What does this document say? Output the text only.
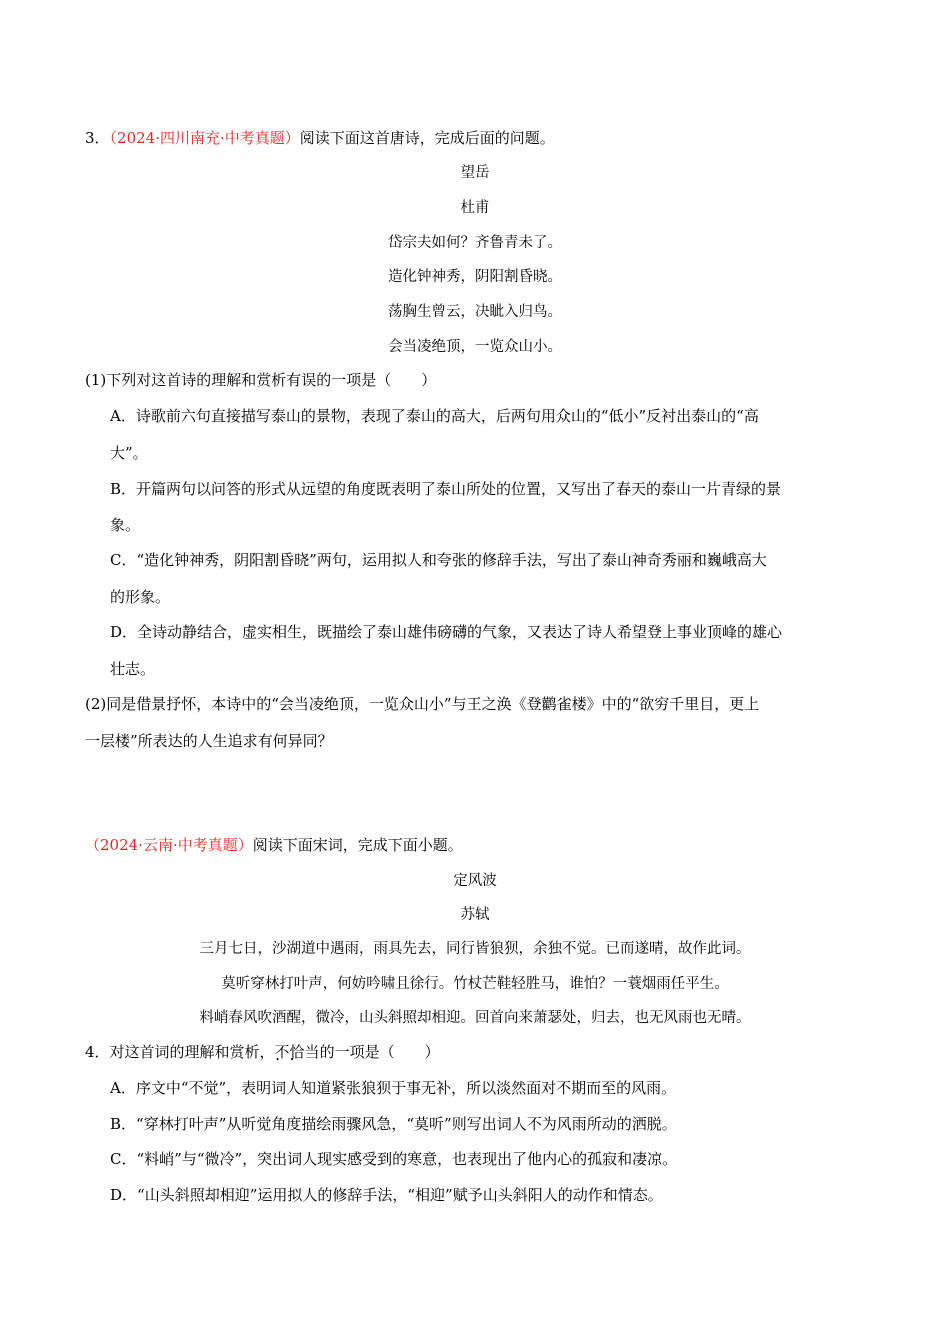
3．（2024·四川南充·中考真题）阅读下面这首唐诗，完成后面的问题。
望岳
杜甫
岱宗夫如何？齐鲁青未了。
造化钟神秀，阴阳割昏晓。
荡胸生曾云，决眦入归鸟。
会当凌绝顶，一览众山小。
(1)下列对这首诗的理解和赏析有误的一项是（　　）
A．诗歌前六句直接描写泰山的景物，表现了泰山的高大，后两句用众山的“低小”反衬出泰山的“高
大”。
B．开篇两句以问答的形式从远望的角度既表明了泰山所处的位置，又写出了春天的泰山一片青绿的景
象。
C．“造化钟神秀，阴阳割昏晓”两句，运用拟人和夸张的修辞手法，写出了泰山神奇秀丽和巍峨高大
的形象。
D．全诗动静结合，虚实相生，既描绘了泰山雄伟磅礴的气象，又表达了诗人希望登上事业顶峰的雄心
壮志。
(2)同是借景抒怀，本诗中的“会当凌绝顶，一览众山小”与王之涣《登鹳雀楼》中的“欲穷千里目，更上
一层楼”所表达的人生追求有何异同？
（2024·云南·中考真题）阅读下面宋词，完成下面小题。
定风波
苏轼
三月七日，沙湖道中遇雨，雨具先去，同行皆狼狈，余独不觉。已而遂晴，故作此词。
莫听穿林打叶声，何妨吟啸且徐行。竹杖芒鞋轻胜马，谁怕？一蓑烟雨任平生。
料峭春风吹酒醒，微冷，山头斜照却相迎。回首向来萧瑟处，归去，也无风雨也无晴。
4．对这首词的理解和赏析，不恰当 • •的一项是（　　）
A．序文中“不觉”，表明词人知道紧张狼狈于事无补，所以淡然面对不期而至的风雨。
B．“穿林打叶声”从听觉角度描绘雨骤风急，“莫听”则写出词人不为风雨所动的洒脱。
C．“料峭”与“微冷”，突出词人现实感受到的寒意，也表现出了他内心的孤寂和凄凉。
D．“山头斜照却相迎”运用拟人的修辞手法，“相迎”赋予山头斜阳人的动作和情态。
